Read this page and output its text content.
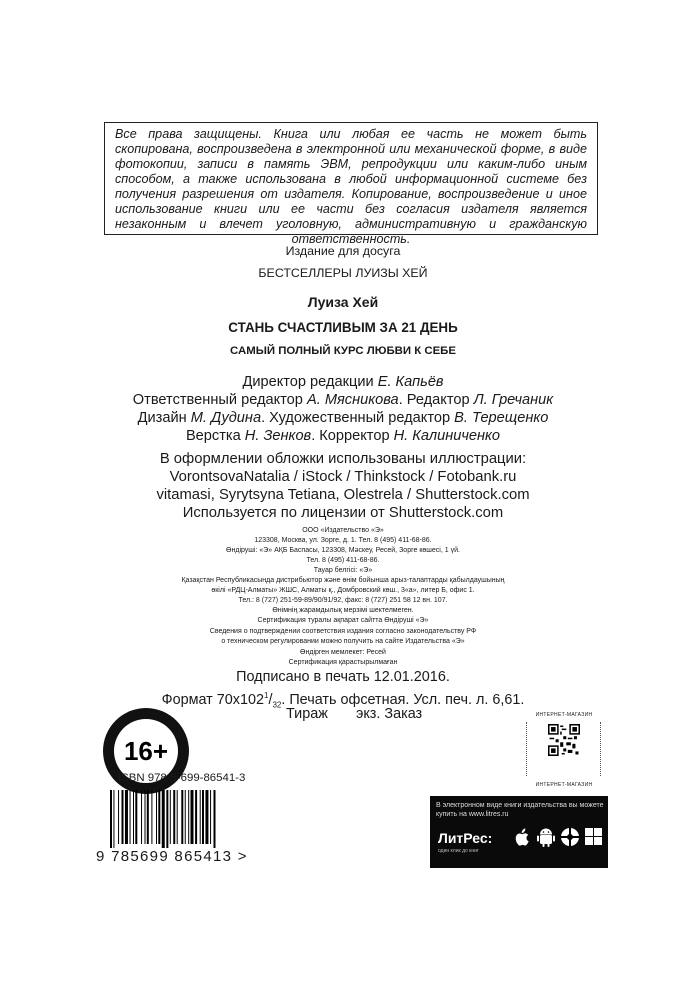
Все права защищены. Книга или любая ее часть не может быть скопирована, воспроизведена в электронной или механической форме, в виде фотокопии, записи в память ЭВМ, репродукции или каким-либо иным способом, а также использована в любой информационной системе без получения разрешения от издателя. Копирование, воспроизведение и иное использование книги или ее части без согласия издателя является незаконным и влечет уголовную, административную и гражданскую ответственность.
Издание для досуга
БЕСТСЕЛЛЕРЫ ЛУИЗЫ ХЕЙ
Луиза Хей
СТАНЬ СЧАСТЛИВЫМ ЗА 21 ДЕНЬ
САМЫЙ ПОЛНЫЙ КУРС ЛЮБВИ К СЕБЕ
Директор редакции Е. Капьёв
Ответственный редактор А. Мясникова. Редактор Л. Гречаник
Дизайн М. Дудина. Художественный редактор В. Терещенко
Верстка Н. Зенков. Корректор Н. Калиниченко
В оформлении обложки использованы иллюстрации:
VorontsovaNatalia / iStock / Thinkstock / Fotobank.ru
vitamasi, Syrytsyna Tetiana, Olestrela / Shutterstock.com
Используется по лицензии от Shutterstock.com
ООО «Издательство «Э»
123308, Москва, ул. Зорге, д. 1. Тел. 8 (495) 411-68-86.
Өндіруші: «Э» АҚБ Баспасы, 123308, Мәскеу, Ресей, Зорге көшесі, 1 үй.
Тел. 8 (495) 411-68-86.
Тауар белгісі: «Э»
Қазақстан Республикасында дистрибьютор және өнім бойынша арыз-талаптарды қабылдаушының
өкілі «РДЦ-Алматы» ЖШС, Алматы қ., Домбровский көш., 3«а», литер Б, офис 1.
Тел.: 8 (727) 251-59-89/90/91/92, факс: 8 (727) 251 58 12 вн. 107.
Өнімнің жарамдылық мерзімі шектелмеген.
Сертификация туралы ақпарат сайтта Өндіруші «Э»
Сведения о подтверждении соответствия издания согласно законодательству РФ
о техническом регулировании можно получить на сайте Издательства «Э»
Өндірген мемлекет: Ресей
Сертификация қарастырылмаған
Подписано в печать 12.01.2016.
Формат $70x102^1/_{32}$. Печать офсетная. Усл. печ. л. 6,61.
Тираж экз. Заказ
16+
ISBN 978-5-699-86541-3
9 785699 865413 >
ИНТЕРНЕТ-МАГАЗИН
ИНТЕРНЕТ-МАГАЗИН
В электронном виде книги издательства вы можете
купить на www.litres.ru
ЛитРес:
один клик до книг
